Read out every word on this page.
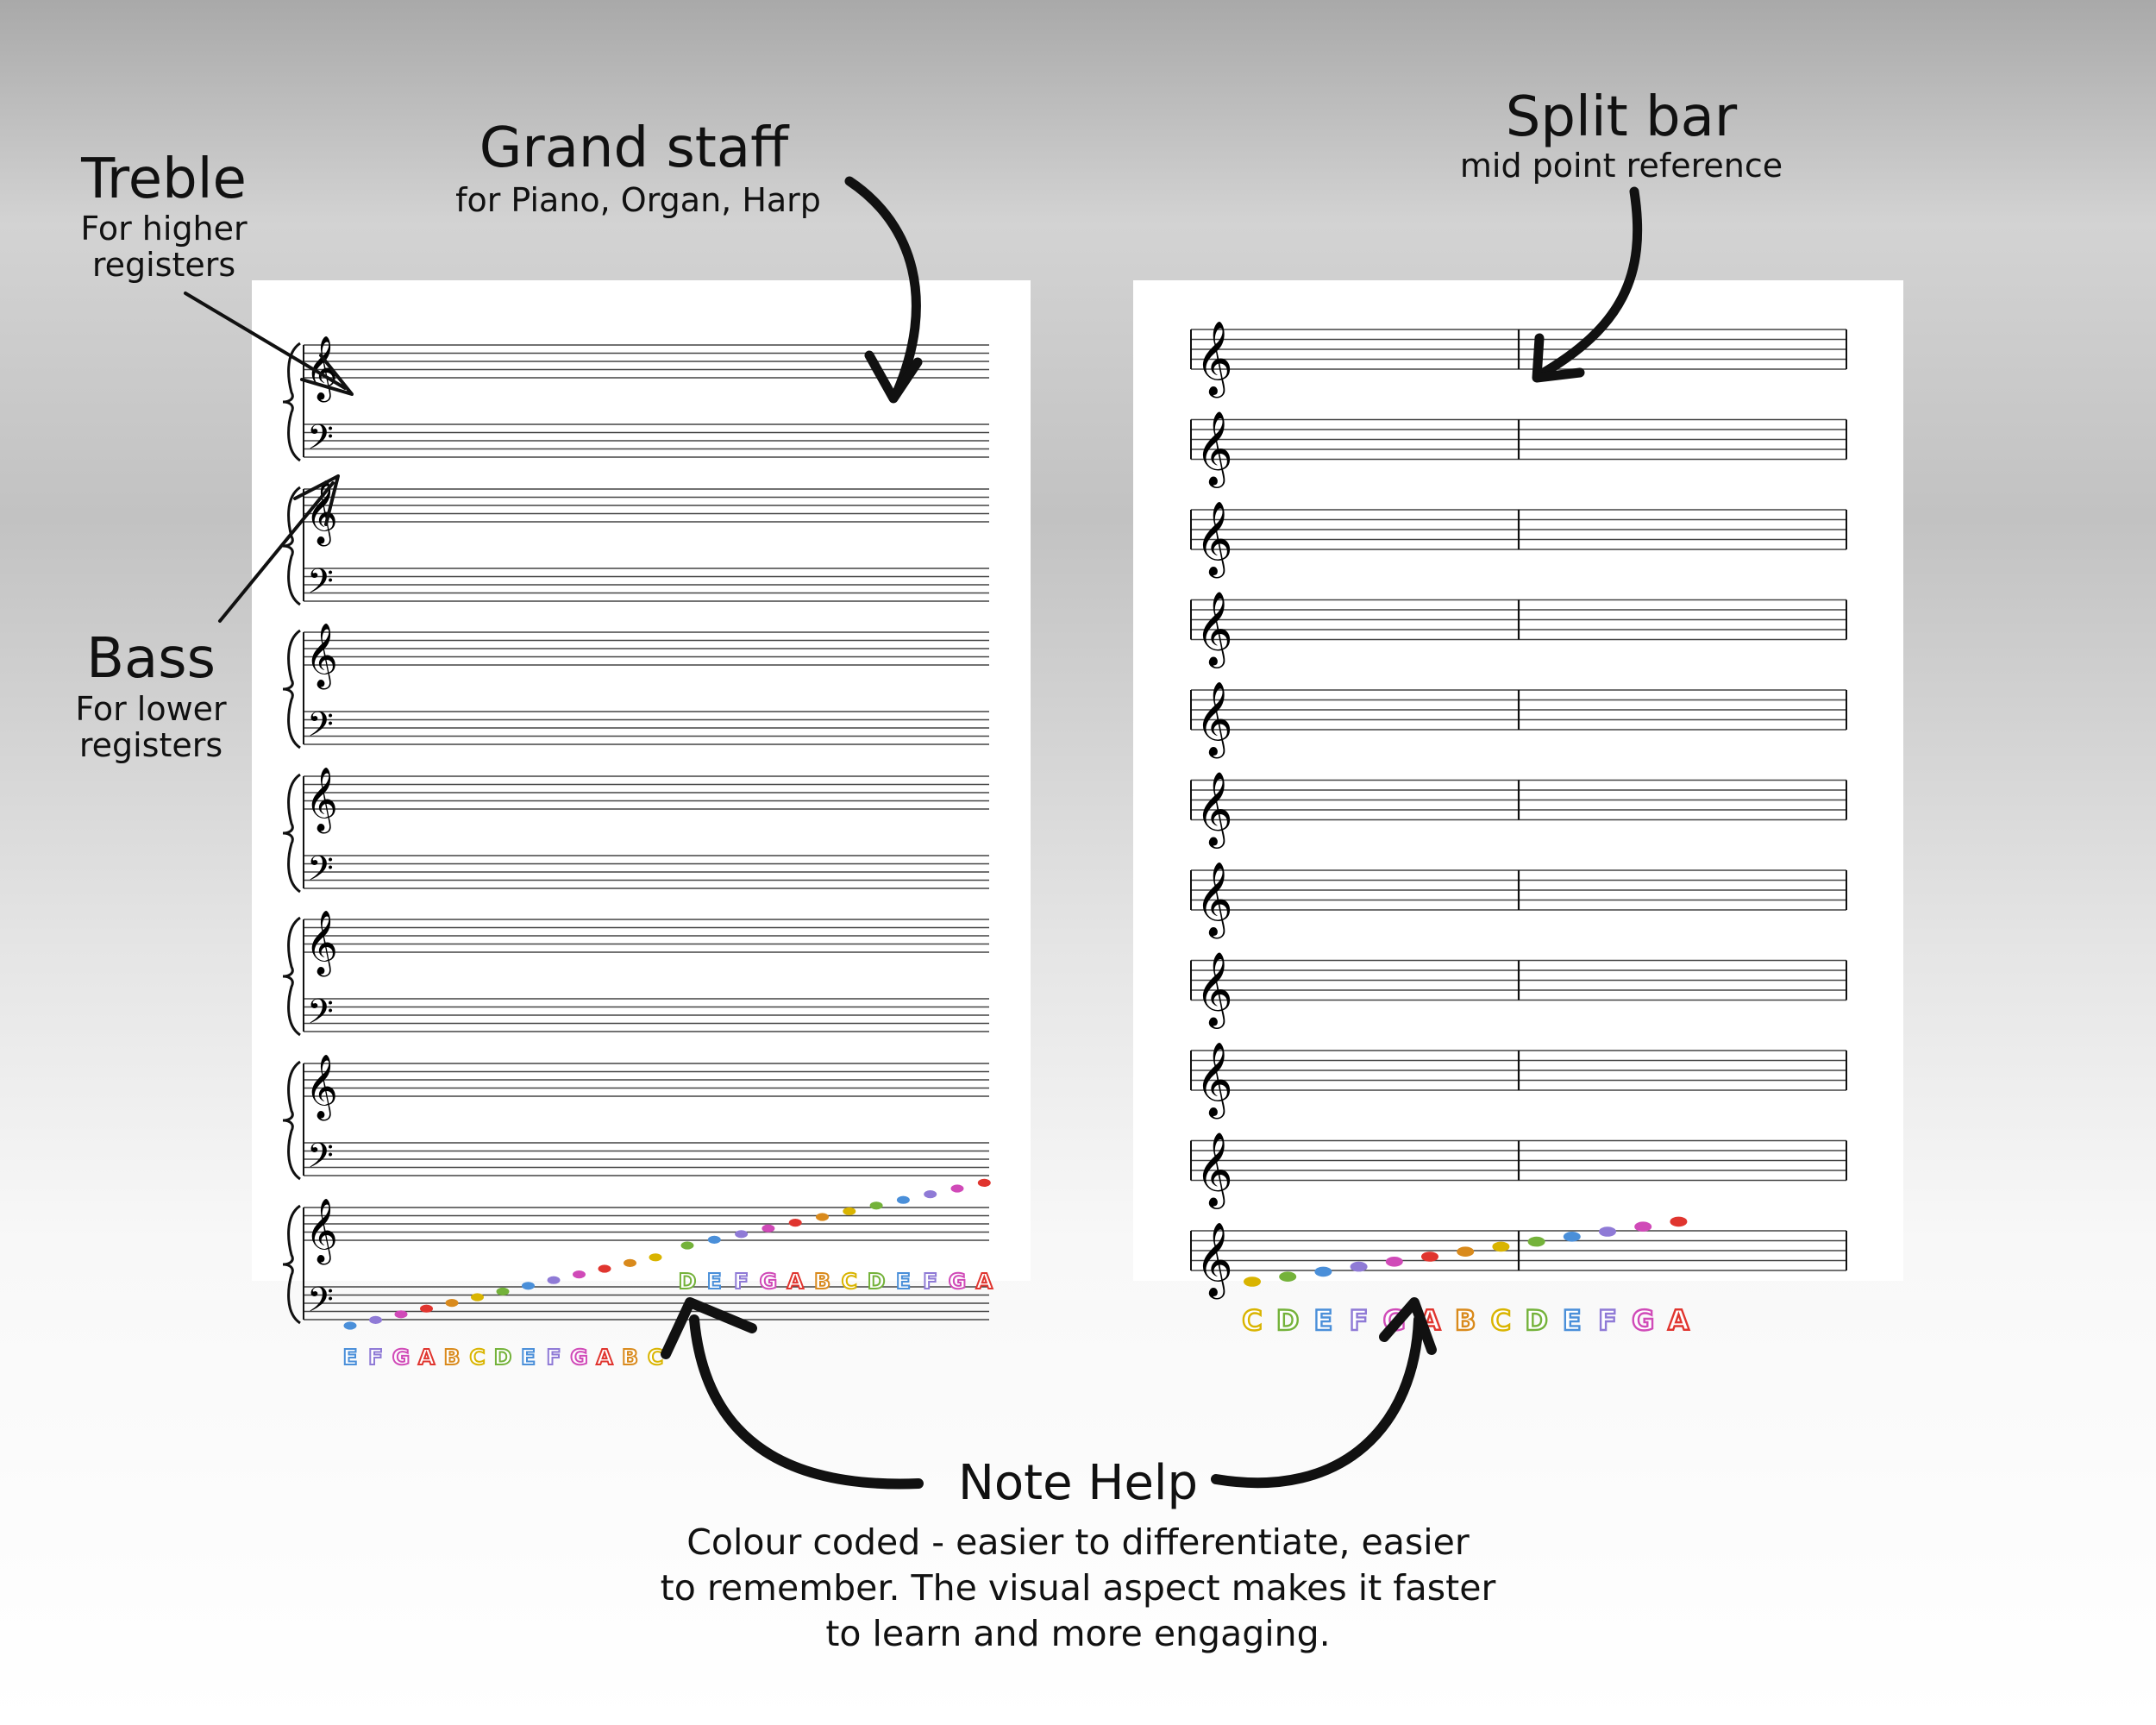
𝄞
𝄢
𝄞
𝄢
𝄞
𝄢
𝄞
𝄢
𝄞
𝄢
𝄞
𝄢
𝄞
𝄢
𝄞
𝄞
𝄞
𝄞
𝄞
𝄞
𝄞
𝄞
𝄞
𝄞
𝄞
E F G A B C D E F G A B C
D E F G A B C D E F G A
C D E F G A B C D E F G A
Treble
For higher
registers
Bass
For lower
registers
Grand staff
for Piano, Organ, Harp
Split bar
mid point reference
Note Help
Colour coded - easier to differentiate, easier
to remember. The visual aspect makes it faster
to learn and more engaging.
